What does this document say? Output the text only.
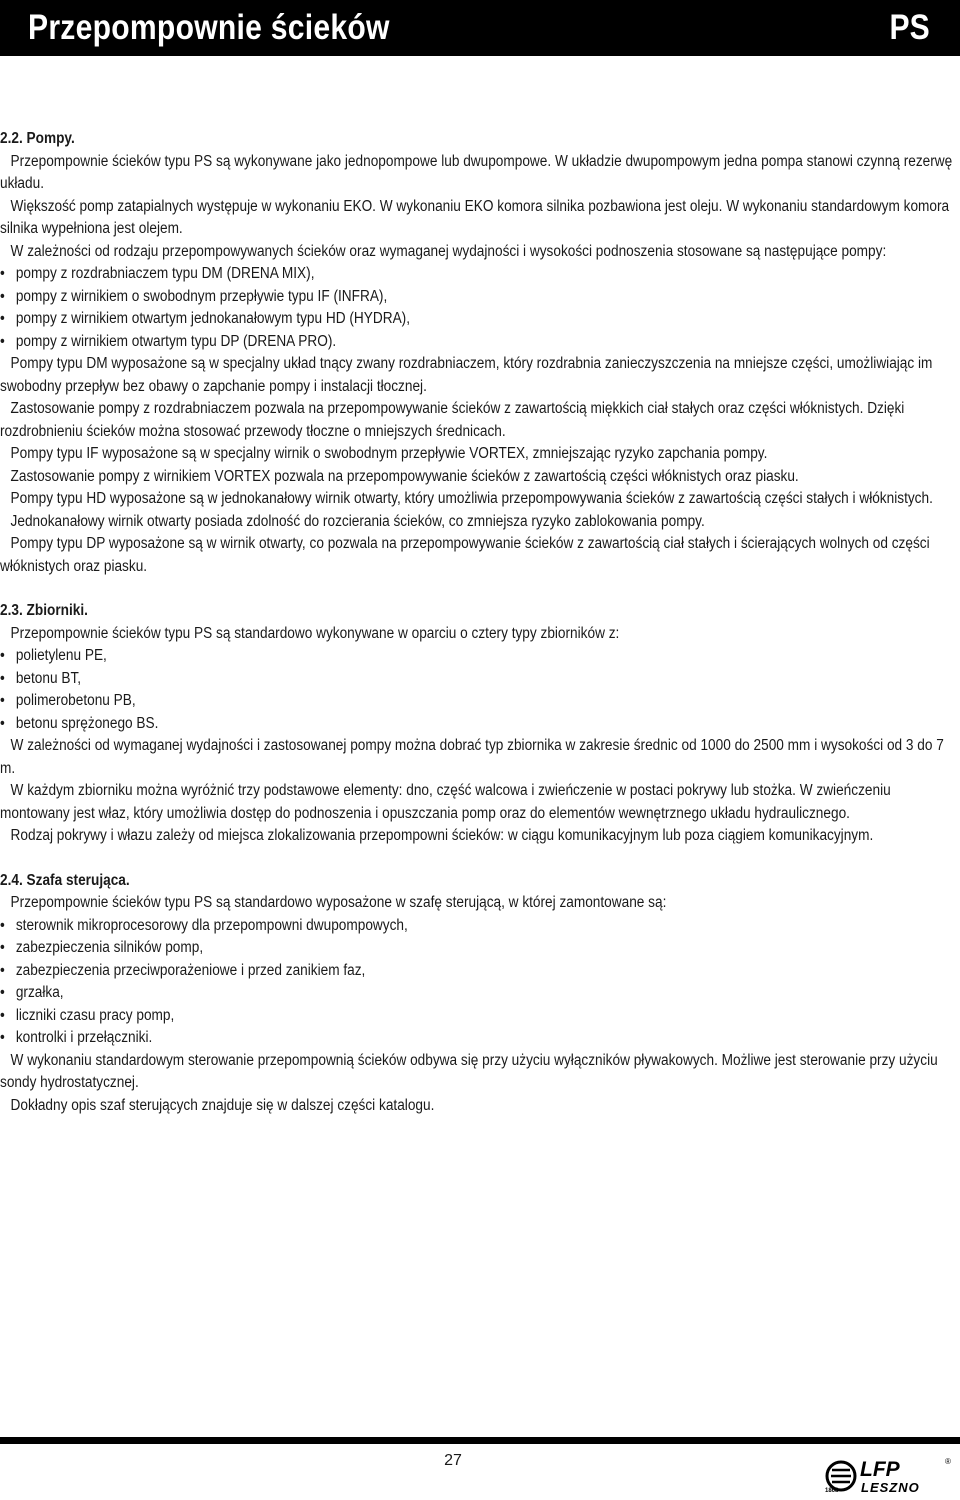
Przepompownie ścieków	PS
2.2. Pompy.

Przepompownie ścieków typu PS są wykonywane jako jednopompowe lub dwupompowe. W układzie dwupompowym jedna pompa stanowi czynną rezerwę układu.

Większość pomp zatapialnych występuje w wykonaniu EKO. W wykonaniu EKO komora silnika pozbawiona jest oleju. W wykonaniu standardowym komora silnika wypełniona jest olejem.

W zależności od rodzaju przepompowywanych ścieków oraz wymaganej wydajności i wysokości podnoszenia stosowane są następujące pompy:

• pompy z rozdrabniaczem typu DM (DRENA MIX),
• pompy z wirnikiem o swobodnym przepływie typu IF (INFRA),
• pompy z wirnikiem otwartym jednokanałowym typu HD (HYDRA),
• pompy z wirnikiem otwartym typu DP (DRENA PRO).

Pompy typu DM wyposażone są w specjalny układ tnący zwany rozdrabniaczem, który rozdrabnia zanieczyszczenia na mniejsze części, umożliwiając im swobodny przepływ bez obawy o zapchanie pompy i instalacji tłocznej.

Zastosowanie pompy z rozdrabniaczem pozwala na przepompowywanie ścieków z zawartością miękkich ciał stałych oraz części włóknistych. Dzięki rozdrobnieniu ścieków można stosować przewody tłoczne o mniejszych średnicach.

Pompy typu IF wyposażone są w specjalny wirnik o swobodnym przepływie VORTEX, zmniejszając ryzyko zapchania pompy.

Zastosowanie pompy z wirnikiem VORTEX pozwala na przepompowywanie ścieków z zawartością części włóknistych oraz piasku.

Pompy typu HD wyposażone są w jednokanałowy wirnik otwarty, który umożliwia przepompowywania ścieków z zawartością części stałych i włóknistych.

Jednokanałowy wirnik otwarty posiada zdolność do rozcierania ścieków, co zmniejsza ryzyko zablokowania pompy.

Pompy typu DP wyposażone są w wirnik otwarty, co pozwala na przepompowywanie ścieków z zawartością ciał stałych i ścierających wolnych od części włóknistych oraz piasku.

2.3. Zbiorniki.

Przepompownie ścieków typu PS są standardowo wykonywane w oparciu o cztery typy zbiorników z:

• polietylenu PE,
• betonu BT,
• polimerobetonu PB,
• betonu sprężonego BS.

W zależności od wymaganej wydajności i zastosowanej pompy można dobrać typ zbiornika w zakresie średnic od 1000 do 2500 mm i wysokości od 3 do 7 m.

W każdym zbiorniku można wyróżnić trzy podstawowe elementy: dno, część walcowa i zwieńczenie w postaci pokrywy lub stożka. W zwieńczeniu montowany jest właz, który umożliwia dostęp do podnoszenia i opuszczania pomp oraz do elementów wewnętrznego układu hydraulicznego.

Rodzaj pokrywy i włazu zależy od miejsca zlokalizowania przepompowni ścieków: w ciągu komunikacyjnym lub poza ciągiem komunikacyjnym.

2.4. Szafa sterująca.

Przepompownie ścieków typu PS są standardowo wyposażone w szafę sterującą, w której zamontowane są:

• sterownik mikroprocesorowy dla przepompowni dwupompowych,
• zabezpieczenia silników pomp,
• zabezpieczenia przeciwporażeniowe i przed zanikiem faz,
• grzałka,
• liczniki czasu pracy pomp,
• kontrolki i przełączniki.

W wykonaniu standardowym sterowanie przepompownią ścieków odbywa się przy użyciu wyłączników pływakowych. Możliwe jest sterowanie przy użyciu sondy hydrostatycznej.

Dokładny opis szaf sterujących znajduje się w dalszej części katalogu.

27
1868
LFP
LESZNO
®
